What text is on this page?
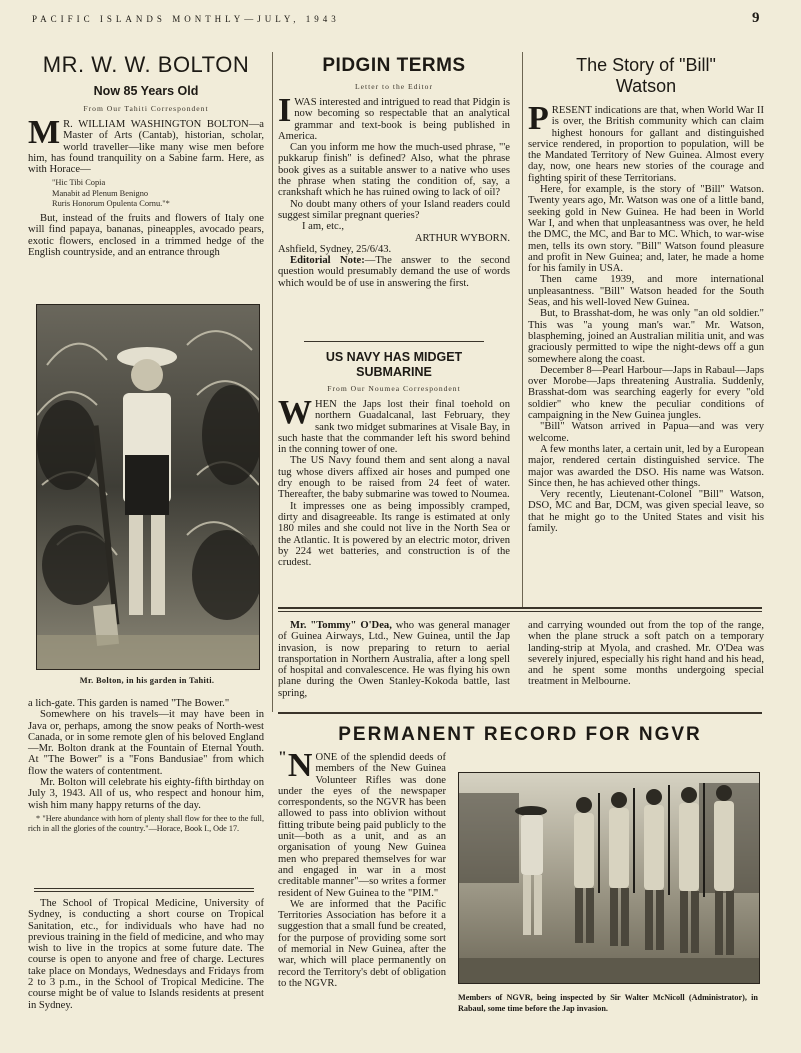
PACIFIC ISLANDS MONTHLY—JULY, 1943	9
MR. W. W. BOLTON
Now 85 Years Old
From Our Tahiti Correspondent

M R. WILLIAM WASHINGTON BOLTON—a Master of Arts (Cantab), historian, scholar, world traveller—like many wise men before him, has found tranquility on a Sabine farm. Here, as with Horace—

"Hic Tibi Copia
Manabit ad Plenum Benigno
Ruris Honorum Opulenta Cornu."*

But, instead of the fruits and flowers of Italy one will find papaya, bananas, pineapples, avocado pears, exotic flowers, enclosed in a trimmed hedge of the English countryside, and an entrance through

Mr. Bolton, in his garden in Tahiti.

a lich-gate. This garden is named "The Bower."

Somewhere on his travels—it may have been in Java or, perhaps, among the snow peaks of North-west Canada, or in some remote glen of his beloved England—Mr. Bolton drank at the Fountain of Eternal Youth. At "The Bower" is a "Fons Bandusiae" from which flow the waters of contentment.

Mr. Bolton will celebrate his eighty-fifth birthday on July 3, 1943. All of us, who respect and honour him, wish him many happy returns of the day.

* "Here abundance with horn of plenty shall flow for thee to the full, rich in all the glories of the country."—Horace, Book I., Ode 17.

The School of Tropical Medicine, University of Sydney, is conducting a short course on Tropical Sanitation, etc., for individuals who have had no previous training in the field of medicine, and who may wish to live in the tropics at some future date. The course is open to anyone and free of charge. Lectures take place on Mondays, Wednesdays and Fridays from 2 to 3 p.m., in the School of Tropical Medicine. The course might be of value to Islands residents at present in Sydney.

PIDGIN TERMS
Letter to the Editor

IWAS interested and intrigued to read that Pidgin is now becoming so respectable that an analytical grammar and text-book is being published in America.

Can you inform me how the much-used phrase, "'e pukkarup finish" is defined? Also, what the phrase book gives as a suitable answer to a native who uses the phrase when stating the condition of, say, a crankshaft which he has ruined owing to lack of oil?

No doubt many others of your Island readers could suggest similar pregnant queries?

I am, etc.,

ARTHUR WYBORN.

Ashfield, Sydney, 25/6/43.

Editorial Note:—The answer to the second question would presumably demand the use of words which would be of use in answering the first.

US NAVY HAS MIDGET
SUBMARINE
From Our Noumea Correspondent

WHEN the Japs lost their final toehold on northern Guadalcanal, last February, they sank two midget submarines at Visale Bay, in such haste that the commander left his sword behind in the conning tower of one.

The US Navy found them and sent along a naval tug whose divers affixed air hoses and pumped one dry enough to be raised from 24 feet of water. Thereafter, the baby submarine was towed to Noumea.

It impresses one as being impossibly cramped, dirty and disagreeable. Its range is estimated at only 180 miles and she could not live in the North Sea or the Atlantic. It is powered by an electric motor, driven by 224 wet batteries, and construction is of the crudest.

The Story of "Bill"
Watson

PRESENT indications are that, when World War II is over, the British community which can claim highest honours for gallant and distinguished service rendered, in proportion to population, will be the Mandated Territory of New Guinea. Almost every day, now, one hears new stories of the courage and fighting spirit of these Territorians.

Here, for example, is the story of "Bill" Watson. Twenty years ago, Mr. Watson was one of a little band, seeking gold in New Guinea. He had been in World War I, and when that unpleasantness was over, he held the DMC, the MC, and Bar to MC. Which, to war-wise men, tells its own story. "Bill" Watson found pleasure and profit in New Guinea; and, later, he made a home for his family in USA.

Then came 1939, and more international unpleasantness. "Bill" Watson headed for the South Seas, and his well-loved New Guinea.

But, to Brasshat-dom, he was only "an old soldier." This was "a young man's war." Mr. Watson, blaspheming, joined an Australian militia unit, and was graciously permitted to wipe the night-dews off a gun somewhere along the coast.

December 8—Pearl Harbour—Japs in Rabaul—Japs over Morobe—Japs threatening Australia. Suddenly, Brasshat-dom was searching eagerly for every "old soldier" who knew the peculiar conditions of campaigning in the New Guinea jungles.

"Bill" Watson arrived in Papua—and was very welcome.

A few months later, a certain unit, led by a European major, rendered certain distinguished service. The major was awarded the DSO. His name was Watson. Since then, he has achieved other things.

Very recently, Lieutenant-Colonel "Bill" Watson, DSO, MC and Bar, DCM, was given special leave, so that he might go to the United States and visit his family.

Mr. "Tommy" O'Dea, who was general manager of Guinea Airways, Ltd., New Guinea, until the Jap invasion, is now preparing to return to aerial transportation in Northern Australia, after a long spell of hospital and convalescence. He was flying his own plane during the Owen Stanley-Kokoda battle, last spring,

and carrying wounded out from the top of the range, when the plane struck a soft patch on a temporary landing-strip at Myola, and crashed. Mr. O'Dea was severely injured, especially his right hand and his head, and he spent some months undergoing special treatment in Melbourne.

PERMANENT RECORD FOR NGVR

" N ONE of the splendid deeds of members of the New Guinea Volunteer Rifles was done under the eyes of the newspaper correspondents, so the NGVR has been allowed to pass into oblivion without fitting tribute being paid publicly to the unit—both as a unit, and as an organisation of young New Guinea men who prepared themselves for war and engaged in war in a most creditable manner"—so writes a former resident of New Guinea to the "PIM."

We are informed that the Pacific Territories Association has before it a suggestion that a small fund be created, for the purpose of providing some sort of memorial in New Guinea, after the war, which will place permanently on record the Territory's debt of obligation to the NGVR.

Members of NGVR, being inspected by Sir Walter McNicoll (Administrator), in Rabaul, some time before the Jap invasion.
